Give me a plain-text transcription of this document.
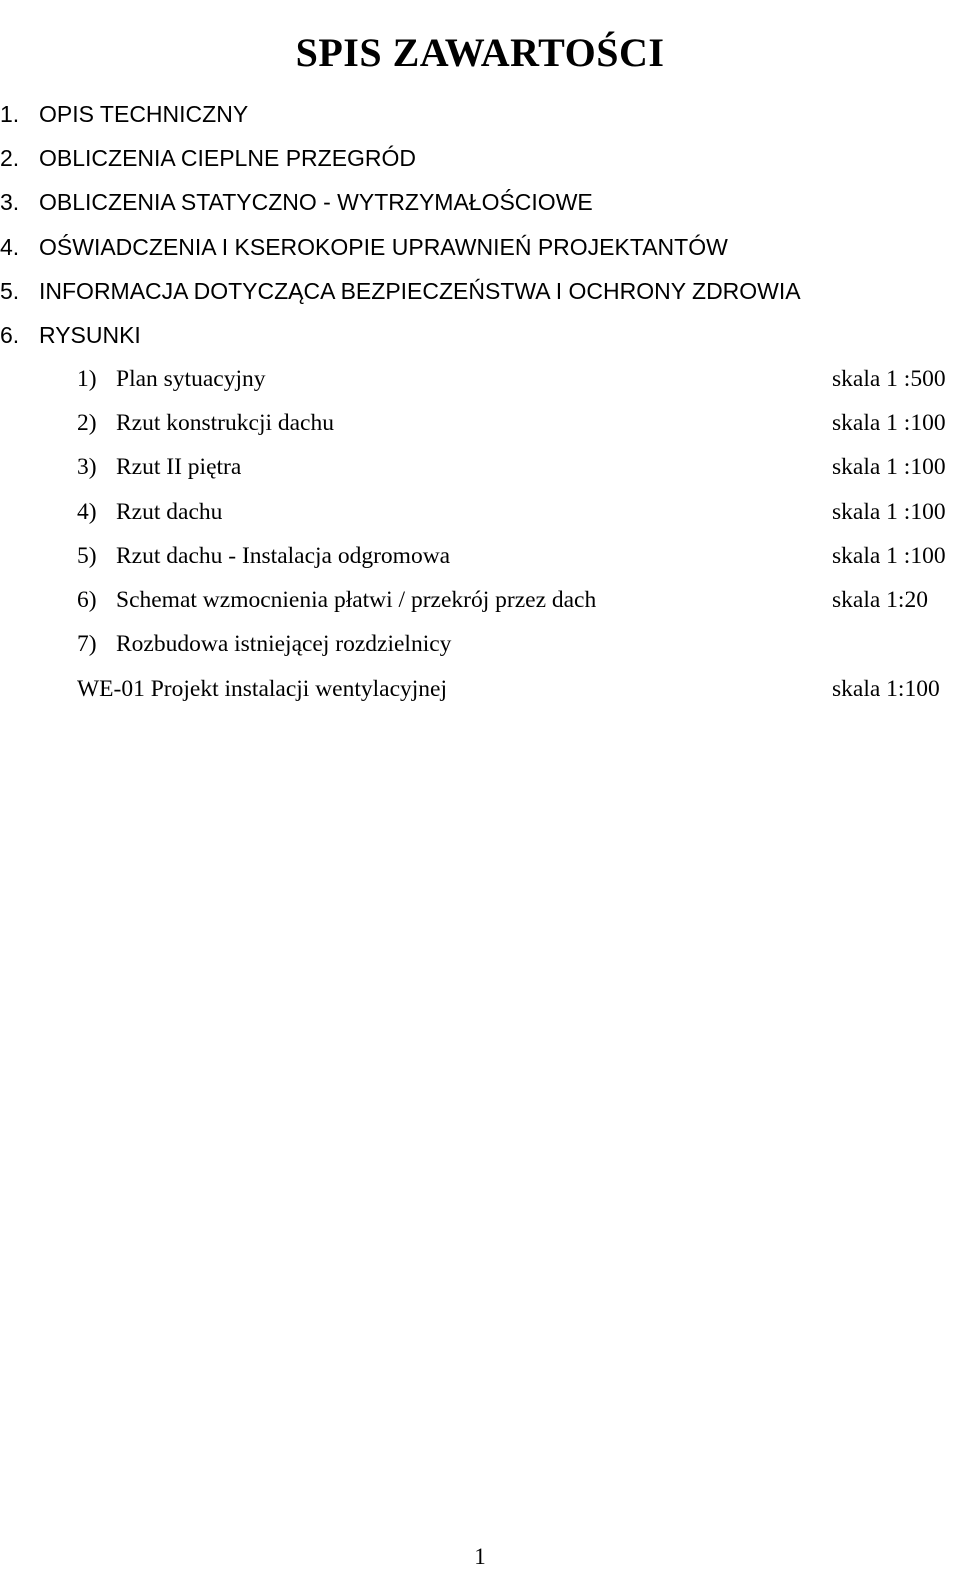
SPIS ZAWARTOŚCI
1. OPIS TECHNICZNY
2. OBLICZENIA CIEPLNE PRZEGRÓD
3. OBLICZENIA STATYCZNO - WYTRZYMAŁOŚCIOWE
4. OŚWIADCZENIA I KSEROKOPIE UPRAWNIEŃ PROJEKTANTÓW
5. INFORMACJA DOTYCZĄCA BEZPIECZEŃSTWA I OCHRONY ZDROWIA
6. RYSUNKI
1) Plan sytuacyjny	skala 1 :500
2) Rzut konstrukcji dachu	skala 1 :100
3) Rzut II piętra	skala 1 :100
4) Rzut dachu	skala 1 :100
5) Rzut dachu - Instalacja odgromowa	skala 1 :100
6) Schemat wzmocnienia płatwi / przekrój przez dach	skala 1:20
7) Rozbudowa istniejącej rozdzielnicy
WE-01 Projekt instalacji wentylacyjnej	skala 1:100
1
